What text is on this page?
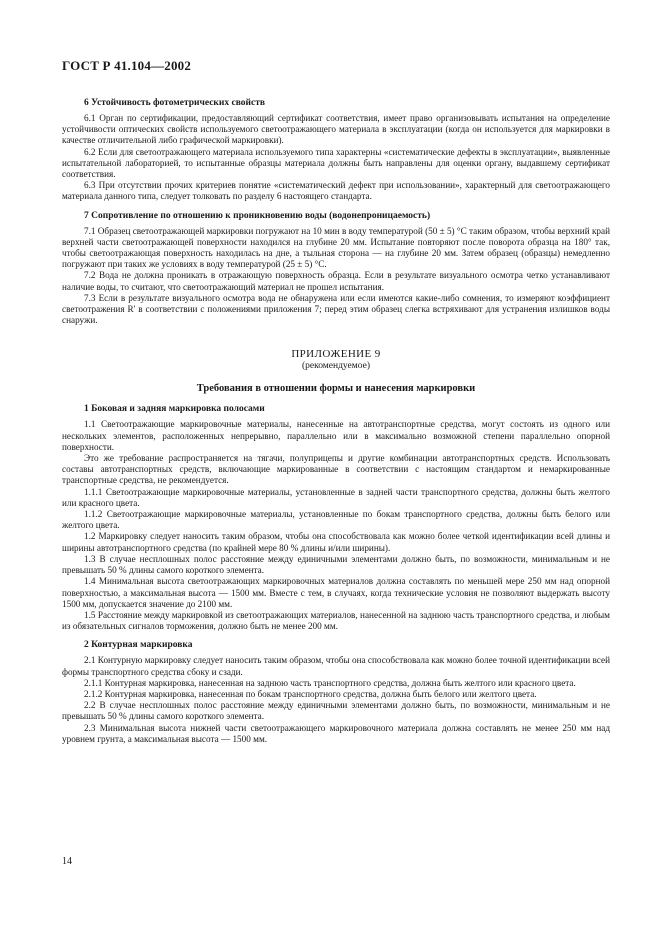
ГОСТ Р 41.104—2002
6 Устойчивость фотометрических свойств

6.1 Орган по сертификации, предоставляющий сертификат соответствия, имеет право организовывать испытания на определение устойчивости оптических свойств используемого светоотражающего материала в эксплуатации (когда он используется для маркировки в качестве отличительной либо графической маркировки).

6.2 Если для светоотражающего материала используемого типа характерны «систематические дефекты в эксплуатации», выявленные испытательной лабораторией, то испытанные образцы материала должны быть направлены для оценки органу, выдавшему сертификат соответствия.

6.3 При отсутствии прочих критериев понятие «систематический дефект при использовании», характерный для светоотражающего материала данного типа, следует толковать по разделу 6 настоящего стандарта.

7 Сопротивление по отношению к проникновению воды (водонепроницаемость)

7.1 Образец светоотражающей маркировки погружают на 10 мин в воду температурой (50 ± 5) °С таким образом, чтобы верхний край верхней части светоотражающей поверхности находился на глубине 20 мм. Испытание повторяют после поворота образца на 180° так, чтобы светоотражающая поверхность находилась на дне, а тыльная сторона — на глубине 20 мм. Затем образец (образцы) немедленно погружают при таких же условиях в воду температурой (25 ± 5) °С.

7.2 Вода не должна проникать в отражающую поверхность образца. Если в результате визуального осмотра четко устанавливают наличие воды, то считают, что светоотражающий материал не прошел испытания.

7.3 Если в результате визуального осмотра вода не обнаружена или если имеются какие-либо сомнения, то измеряют коэффициент светоотражения R' в соответствии с положениями приложения 7; перед этим образец слегка встряхивают для устранения излишков воды снаружи.

ПРИЛОЖЕНИЕ 9
(рекомендуемое)
Требования в отношении формы и нанесения маркировки
1 Боковая и задняя маркировка полосами

1.1 Светоотражающие маркировочные материалы, нанесенные на автотранспортные средства, могут состоять из одного или нескольких элементов, расположенных непрерывно, параллельно или в максимально возможной степени параллельно опорной поверхности.

Это же требование распространяется на тягачи, полуприцепы и другие комбинации автотранспортных средств. Использовать составы автотранспортных средств, включающие маркированные в соответствии с настоящим стандартом и немаркированные транспортные средства, не рекомендуется.

1.1.1 Светоотражающие маркировочные материалы, установленные в задней части транспортного средства, должны быть желтого или красного цвета.

1.1.2 Светоотражающие маркировочные материалы, установленные по бокам транспортного средства, должны быть белого или желтого цвета.

1.2 Маркировку следует наносить таким образом, чтобы она способствовала как можно более четкой идентификации всей длины и ширины автотранспортного средства (по крайней мере 80 % длины и/или ширины).

1.3 В случае несплошных полос расстояние между единичными элементами должно быть, по возможности, минимальным и не превышать 50 % длины самого короткого элемента.

1.4 Минимальная высота светоотражающих маркировочных материалов должна составлять по меньшей мере 250 мм над опорной поверхностью, а максимальная высота — 1500 мм. Вместе с тем, в случаях, когда технические условия не позволяют выдержать высоту 1500 мм, допускается значение до 2100 мм.

1.5 Расстояние между маркировкой из светоотражающих материалов, нанесенной на заднюю часть транспортного средства, и любым из обязательных сигналов торможения, должно быть не менее 200 мм.

2 Контурная маркировка

2.1 Контурную маркировку следует наносить таким образом, чтобы она способствовала как можно более точной идентификации всей формы транспортного средства сбоку и сзади.

2.1.1 Контурная маркировка, нанесенная на заднюю часть транспортного средства, должна быть желтого или красного цвета.

2.1.2 Контурная маркировка, нанесенная по бокам транспортного средства, должна быть белого или желтого цвета.

2.2 В случае несплошных полос расстояние между единичными элементами должно быть, по возможности, минимальным и не превышать 50 % длины самого короткого элемента.

2.3 Минимальная высота нижней части светоотражающего маркировочного материала должна составлять не менее 250 мм над уровнем грунта, а максимальная высота — 1500 мм.

14
